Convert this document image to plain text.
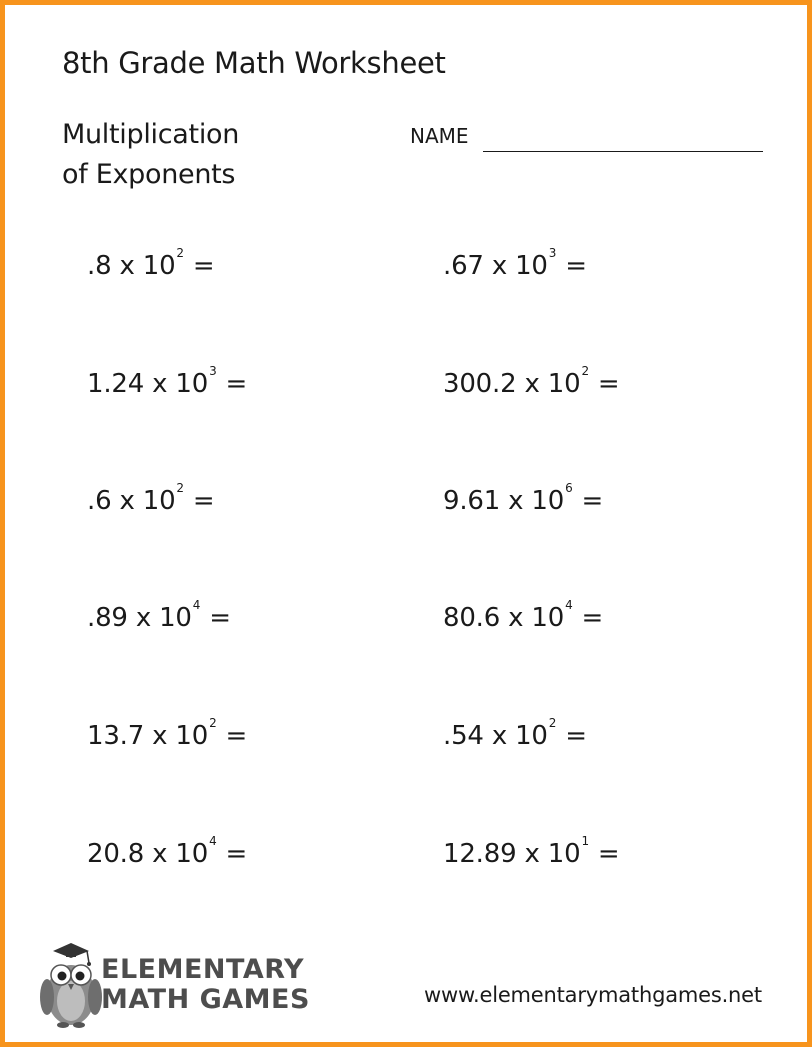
8th Grade Math Worksheet
Multiplication
of Exponents
NAME
.8 x $10^2$ =
1.24 x $10^3$ =
.6 x $10^2$ =
.89 x $10^4$ =
13.7 x $10^2$ =
20.8 x $10^4$ =
.67 x $10^3$ =
300.2 x $10^2$ =
9.61 x $10^6$ =
80.6 x $10^4$ =
.54 x $10^2$ =
12.89 x $10^1$ =
ELEMENTARY
MATH GAMES	www.elementarymathgames.net
